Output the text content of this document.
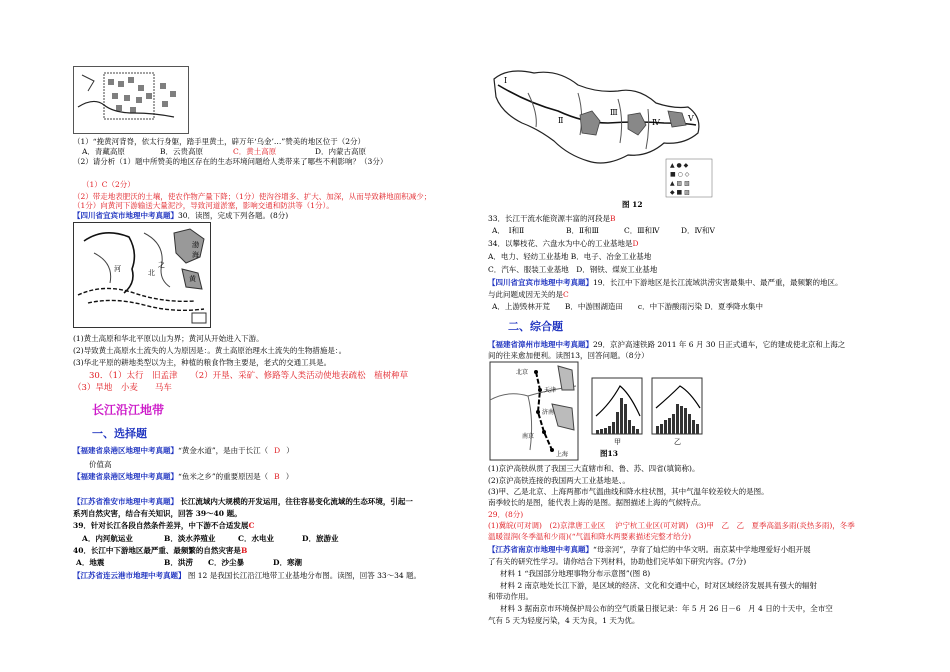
（1）“挽黄河背脊，依太行身躯，踏手里黄土，辟万年‘乌金’…”赞美的地区位于（2分）
A．青藏高原	B．云贵高原	C．黄土高原	D．内蒙古高原
（2）请分析（1）题中所赞美的地区存在的生态环境问题给人类带来了哪些不利影响？（3分）
（1）C（2分）
（2）带走地表肥沃的土壤，使农作物产量下降；（1分）使沟谷增多、扩大、加深，从而导致耕地面积减少；
（1分）向黄河下游输送大量泥沙，导致河道淤塞，影响交通和防洪等（1分）。
【四川省宜宾市地理中考真题】30．读图，完成下列各题。(8分)
渤
海
黄
河	北
之
(1)黄土高原和华北平原以山为界；黄河从开始进入下游。
(2)导致黄土高原水土流失的人为原因是：。黄土高原治理水土流失的生物措施是：。
(3)华北平原的耕地类型以为主，种植的粮食作物主要是，老式的交通工具是。
30．（1）太行　旧孟津　　（2）开垦、采矿、修路等人类活动使地表疏松　植树种草
（3）旱地　小麦　　马车
长江沿江地带
一、选择题
【福建省泉港区地理中考真题】“黄金水道”，是由于长江（ D ）
价值高
【福建省泉港区地理中考真题】“鱼米之乡”的重要原因是（ B ）
【江苏省淮安市地理中考真题】 长江流域内大规模的开发运用，往往容易变化流域的生态环境，引起一
系列自然灾害，结合有关知识，回答 39～40 题。
39．针对长江各段自然条件差异，中下游不合适发展C
A．内河航运业	B．淡水养殖业	C．水电业	D．旅游业
40．长江中下游地区最严重、最频繁的自然灾害是B
A．地震	B．洪涝 C．沙尘暴	D．寒潮
【江苏省连云港市地理中考真题】 图 12 是我国长江沿江地带工业基地分布图。读图，回答 33～34 题。
Ⅰ
Ⅱ
Ⅲ
Ⅳ	Ⅴ
▲ ● ◆
■ ○ ◇
▲ ▨ ▧
◆ ■ ▨
图 12
33．长江干流水能资源丰富的河段是B
A．　Ⅰ和Ⅱ	B．Ⅱ和Ⅲ	C．Ⅲ和Ⅳ	D．Ⅳ和Ⅴ
34．以攀枝花、六盘水为中心的工业基地是D
A．电力、轻纺工业基地 B．电子、冶金工业基地
C．汽车、服装工业基地　D．钢铁、煤炭工业基地
【四川省宜宾市地理中考真题】19．长江中下游地区是长江流域洪涝灾害最集中、最严重，最频繁的地区。
与此问题成因无关的是C
A．上游毁林开荒　　B．中游围湖造田　　c．中下游酸雨污染 D．夏季降水集中
二、综合题
【福建省漳州市地理中考真题】29．京沪高速铁路 2011 年 6 月 30 日正式通车，它的建成使北京和上海之
间的往来愈加便利。读图13，回答问题。（8分）
北京
天津
济南
南京
上海
甲	乙
图13
(1)京沪高铁纵贯了我国三大直辖市和、鲁、苏、四省(填简称)。
(2)京沪高铁连接的我国两大工业基地是、。
(3)甲、乙是北京、上海两都市气温曲线和降水柱状图，其中气温年较差较大的是图。
南季较长的是图，能代表上海的是图。据图描述上海的气候特点。
29．(8分)
(1)冀皖(可对调)　(2)京津唐工业区　 沪宁杭工业区(可对调)　(3)甲　乙　乙　夏季高温多雨(炎热多雨)，冬季
温暖湿润(冬季温和少雨)(“气温和降水两要素描述完整才给分)
【江苏省南京市地理中考真题】“母亲河”，孕育了灿烂的中华文明。南京某中学地理爱好小组开展
了有关的研究性学习。请你结合下列材料，协助他们完毕如下研究内容。(7分)
材料 1 “我国部分地理事物分布示意图”(图 8)
材料 2 南京地处长江下游，是区域的经济、文化和交通中心，时对区域经济发展具有强大的辐射
和带动作用。
材料 3 据南京市环境保护局公布的空气质量日报记录：年 5 月 26 日－6　月 4 日的十天中，全市空
气有 5 天为轻度污染，4 天为良，1 天为优。
